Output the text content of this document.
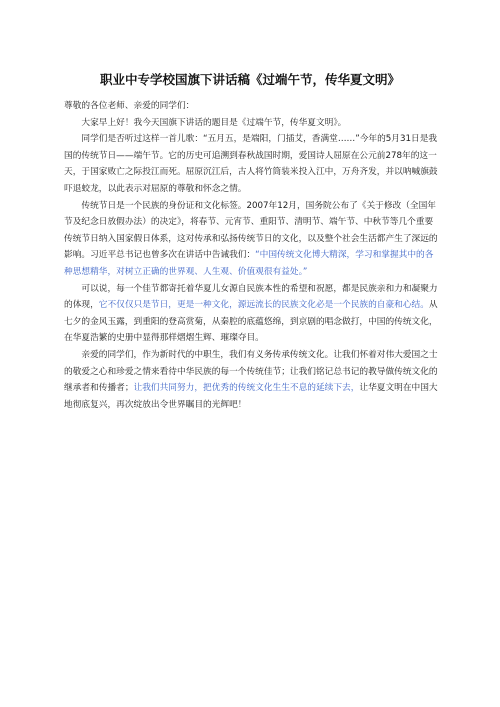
职业中专学校国旗下讲话稿《过端午节，传华夏文明》

尊敬的各位老师、亲爱的同学们：

大家早上好！我今天国旗下讲话的题目是《过端午节，传华夏文明》。

同学们是否听过这样一首儿歌：“五月五，是端阳，门插艾，香满堂……”今年的5月31日是我国的传统节日——端午节。它的历史可追溯到春秋战国时期，爱国诗人屈原在公元前278年的这一天，于国家败亡之际投江而死。屈原沉江后，古人将竹筒装米投入江中，万舟齐发，并以呐喊旗鼓吓退蛟龙，以此表示对屈原的尊敬和怀念之情。

传统节日是一个民族的身份证和文化标签。2007年12月，国务院公布了《关于修改（全国年节及纪念日放假办法）的决定》，将春节、元宵节、重阳节、清明节、端午节、中秋节等几个重要传统节日纳入国家假日体系，这对传承和弘扬传统节日的文化，以及整个社会生活都产生了深远的影响。习近平总书记也曾多次在讲话中告诫我们：“中国传统文化博大精深，学习和掌握其中的各种思想精华，对树立正确的世界观、人生观、价值观很有益处。”

可以说，每一个佳节都寄托着华夏儿女源自民族本性的希望和祝愿，都是民族亲和力和凝聚力的体现，它不仅仅只是节日，更是一种文化，源远流长的民族文化必是一个民族的自豪和心结。从七夕的金风玉露，到重阳的登高赏菊，从秦腔的底蕴悠绵，到京剧的唱念做打，中国的传统文化，在华夏浩繁的史册中显得那样熠熠生辉、璀璨夺目。

亲爱的同学们，作为新时代的中职生，我们有义务传承传统文化。让我们怀着对伟大爱国之士的敬爱之心和珍爱之情来看待中华民族的每一个传统佳节；让我们铭记总书记的教导做传统文化的继承者和传播者；让我们共同努力，把优秀的传统文化生生不息的延续下去，让华夏文明在中国大地彻底复兴，再次绽放出令世界瞩目的光辉吧！
